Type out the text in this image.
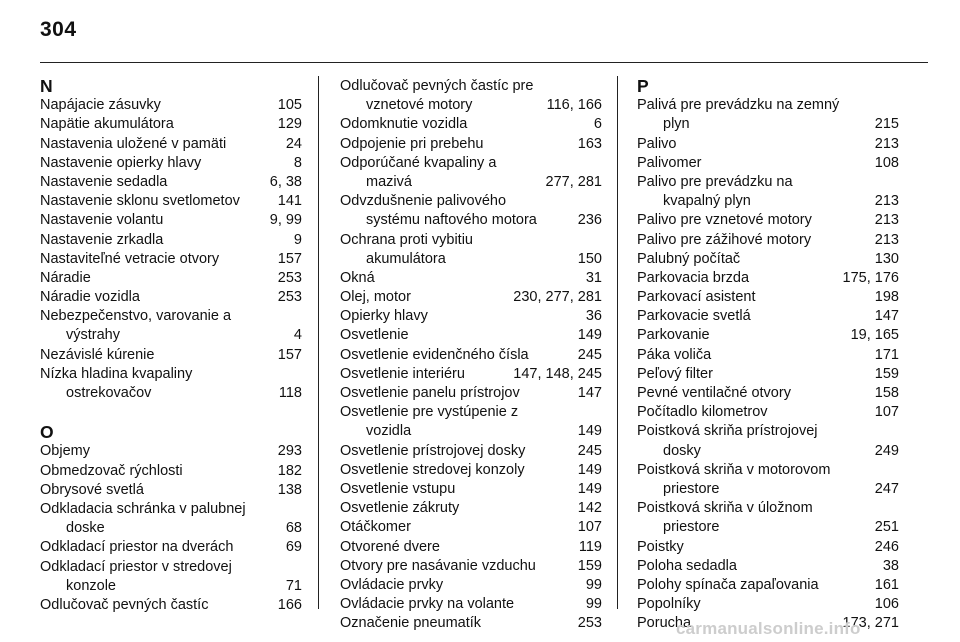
304
N
Napájacie zásuvky	105
Napätie akumulátora	129
Nastavenia uložené v pamäti	24
Nastavenie opierky hlavy	8
Nastavenie sedadla	6, 38
Nastavenie sklonu svetlometov	141
Nastavenie volantu	9, 99
Nastavenie zrkadla	9
Nastaviteľné vetracie otvory	157
Náradie	253
Náradie vozidla	253
Nebezpečenstvo, varovanie a
výstrahy	4
Nezávislé kúrenie	157
Nízka hladina kvapaliny
ostrekovačov	118
O
Objemy	293
Obmedzovač rýchlosti	182
Obrysové svetlá	138
Odkladacia schránka v palubnej
doske	68
Odkladací priestor na dverách	69
Odkladací priestor v stredovej
konzole	71
Odlučovač pevných častíc	166
Odlučovač pevných častíc pre
vznetové motory	116, 166
Odomknutie vozidla	6
Odpojenie pri prebehu	163
Odporúčané kvapaliny a
mazivá	277, 281
Odvzdušnenie palivového
systému naftového motora	236
Ochrana proti vybitiu
akumulátora	150
Okná	31
Olej, motor	230, 277, 281
Opierky hlavy	36
Osvetlenie	149
Osvetlenie evidenčného čísla	245
Osvetlenie interiéru	147, 148, 245
Osvetlenie panelu prístrojov	147
Osvetlenie pre vystúpenie z
vozidla	149
Osvetlenie prístrojovej dosky	245
Osvetlenie stredovej konzoly	149
Osvetlenie vstupu	149
Osvetlenie zákruty	142
Otáčkomer	107
Otvorené dvere	119
Otvory pre nasávanie vzduchu	159
Ovládacie prvky	99
Ovládacie prvky na volante	99
Označenie pneumatík	253
P
Palivá pre prevádzku na zemný
plyn	215
Palivo	213
Palivomer	108
Palivo pre prevádzku na
kvapalný plyn	213
Palivo pre vznetové motory	213
Palivo pre zážihové motory	213
Palubný počítač	130
Parkovacia brzda	175, 176
Parkovací asistent	198
Parkovacie svetlá	147
Parkovanie	19, 165
Páka voliča	171
Peľový filter	159
Pevné ventilačné otvory	158
Počítadlo kilometrov	107
Poistková skriňa prístrojovej
dosky	249
Poistková skriňa v motorovom
priestore	247
Poistková skriňa v úložnom
priestore	251
Poistky	246
Poloha sedadla	38
Polohy spínača zapaľovania	161
Popolníky	106
Porucha	173, 271
carmanualsonline.info
